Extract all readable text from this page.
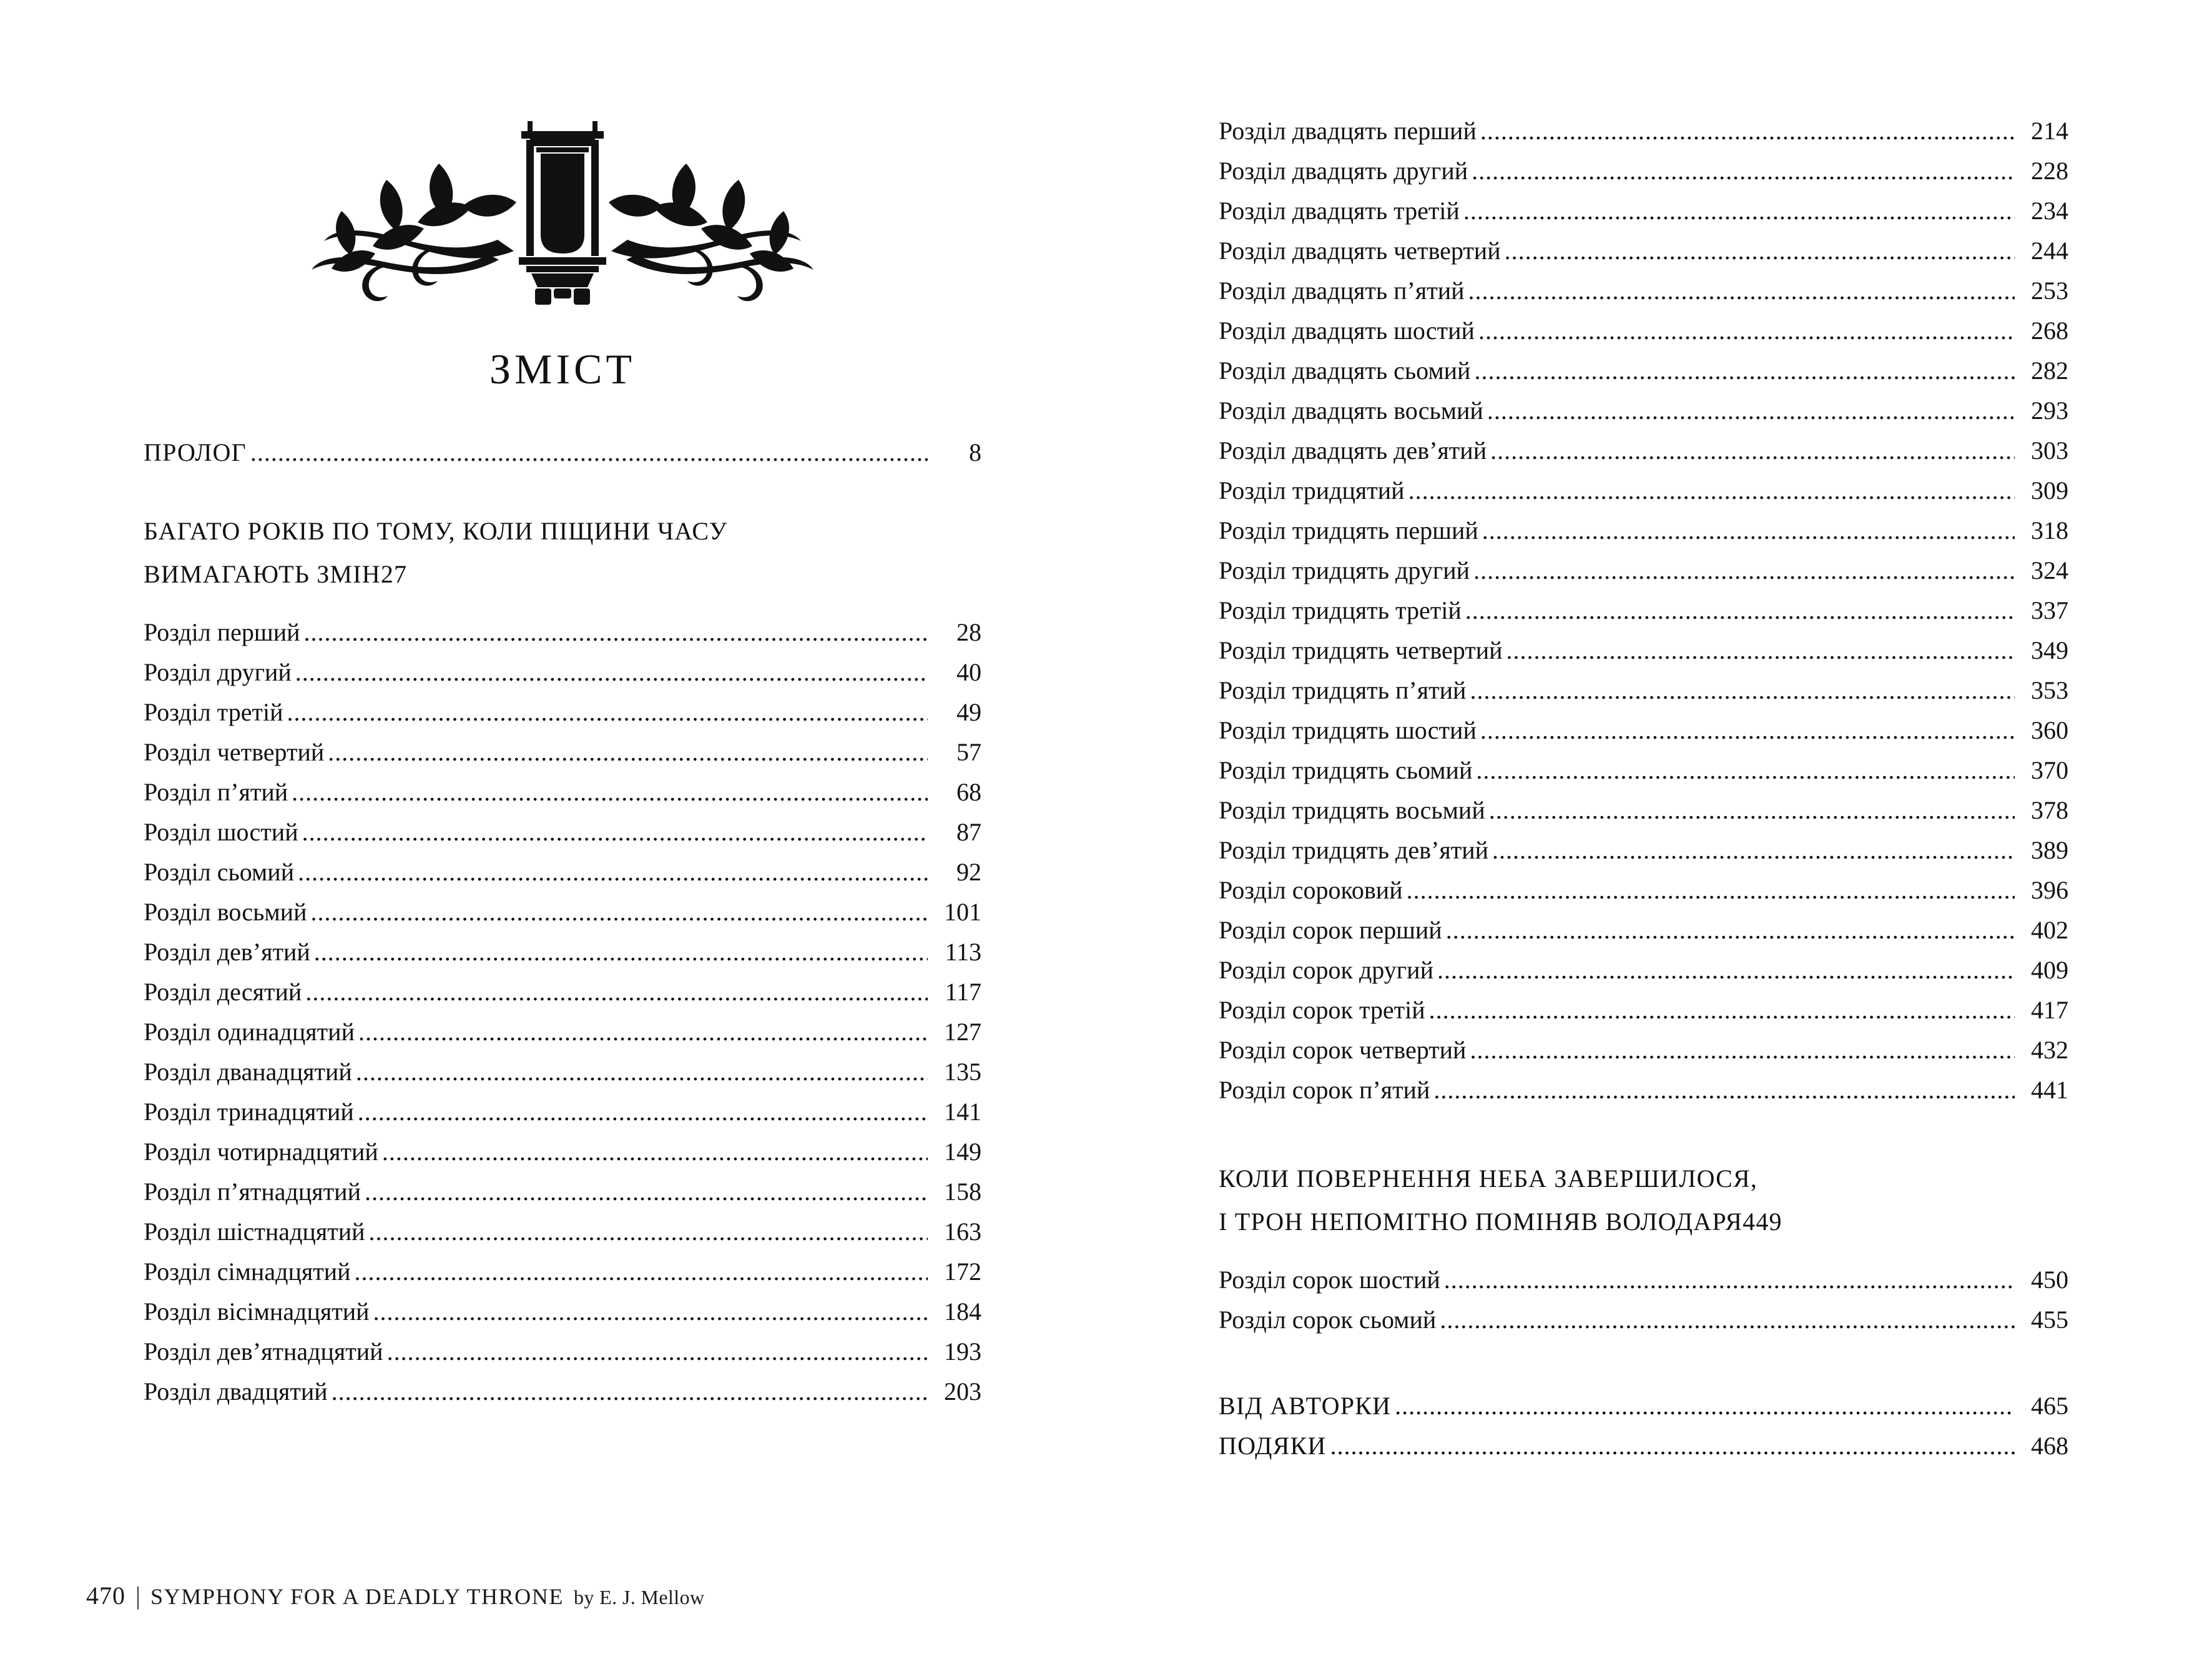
ЗМІСТ
ПРОЛОГ .....	8
БАГАТО РОКІВ ПО ТОМУ, КОЛИ ПІЩИНИ ЧАСУ
ВИМАГАЮТЬ ЗМІН 27
Розділ перший .....	28
Розділ другий .....	40
Розділ третій .....	49
Розділ четвертий .....	57
Розділ п’ятий .....	68
Розділ шостий .....	87
Розділ сьомий .....	92
Розділ восьмий .....	101
Розділ дев’ятий .....	113
Розділ десятий .....	117
Розділ одинадцятий .....	127
Розділ дванадцятий .....	135
Розділ тринадцятий .....	141
Розділ чотирнадцятий .....	149
Розділ п’ятнадцятий .....	158
Розділ шістнадцятий .....	163
Розділ сімнадцятий .....	172
Розділ вісімнадцятий .....	184
Розділ дев’ятнадцятий .....	193
Розділ двадцятий .....	203
Розділ двадцять перший .....	214
Розділ двадцять другий .....	228
Розділ двадцять третій .....	234
Розділ двадцять четвертий .....	244
Розділ двадцять п’ятий .....	253
Розділ двадцять шостий .....	268
Розділ двадцять сьомий .....	282
Розділ двадцять восьмий .....	293
Розділ двадцять дев’ятий .....	303
Розділ тридцятий .....	309
Розділ тридцять перший .....	318
Розділ тридцять другий .....	324
Розділ тридцять третій .....	337
Розділ тридцять четвертий .....	349
Розділ тридцять п’ятий .....	353
Розділ тридцять шостий .....	360
Розділ тридцять сьомий .....	370
Розділ тридцять восьмий .....	378
Розділ тридцять дев’ятий .....	389
Розділ сороковий .....	396
Розділ сорок перший .....	402
Розділ сорок другий .....	409
Розділ сорок третій .....	417
Розділ сорок четвертий .....	432
Розділ сорок п’ятий .....	441
КОЛИ ПОВЕРНЕННЯ НЕБА ЗАВЕРШИЛОСЯ,
І ТРОН НЕПОМІТНО ПОМІНЯВ ВОЛОДАРЯ 449
Розділ сорок шостий .....	450
Розділ сорок сьомий .....	455
ВІД АВТОРКИ .....	465
ПОДЯКИ .....	468
470 | SYMPHONY FOR A DEADLY THRONE by E. J. Mellow
